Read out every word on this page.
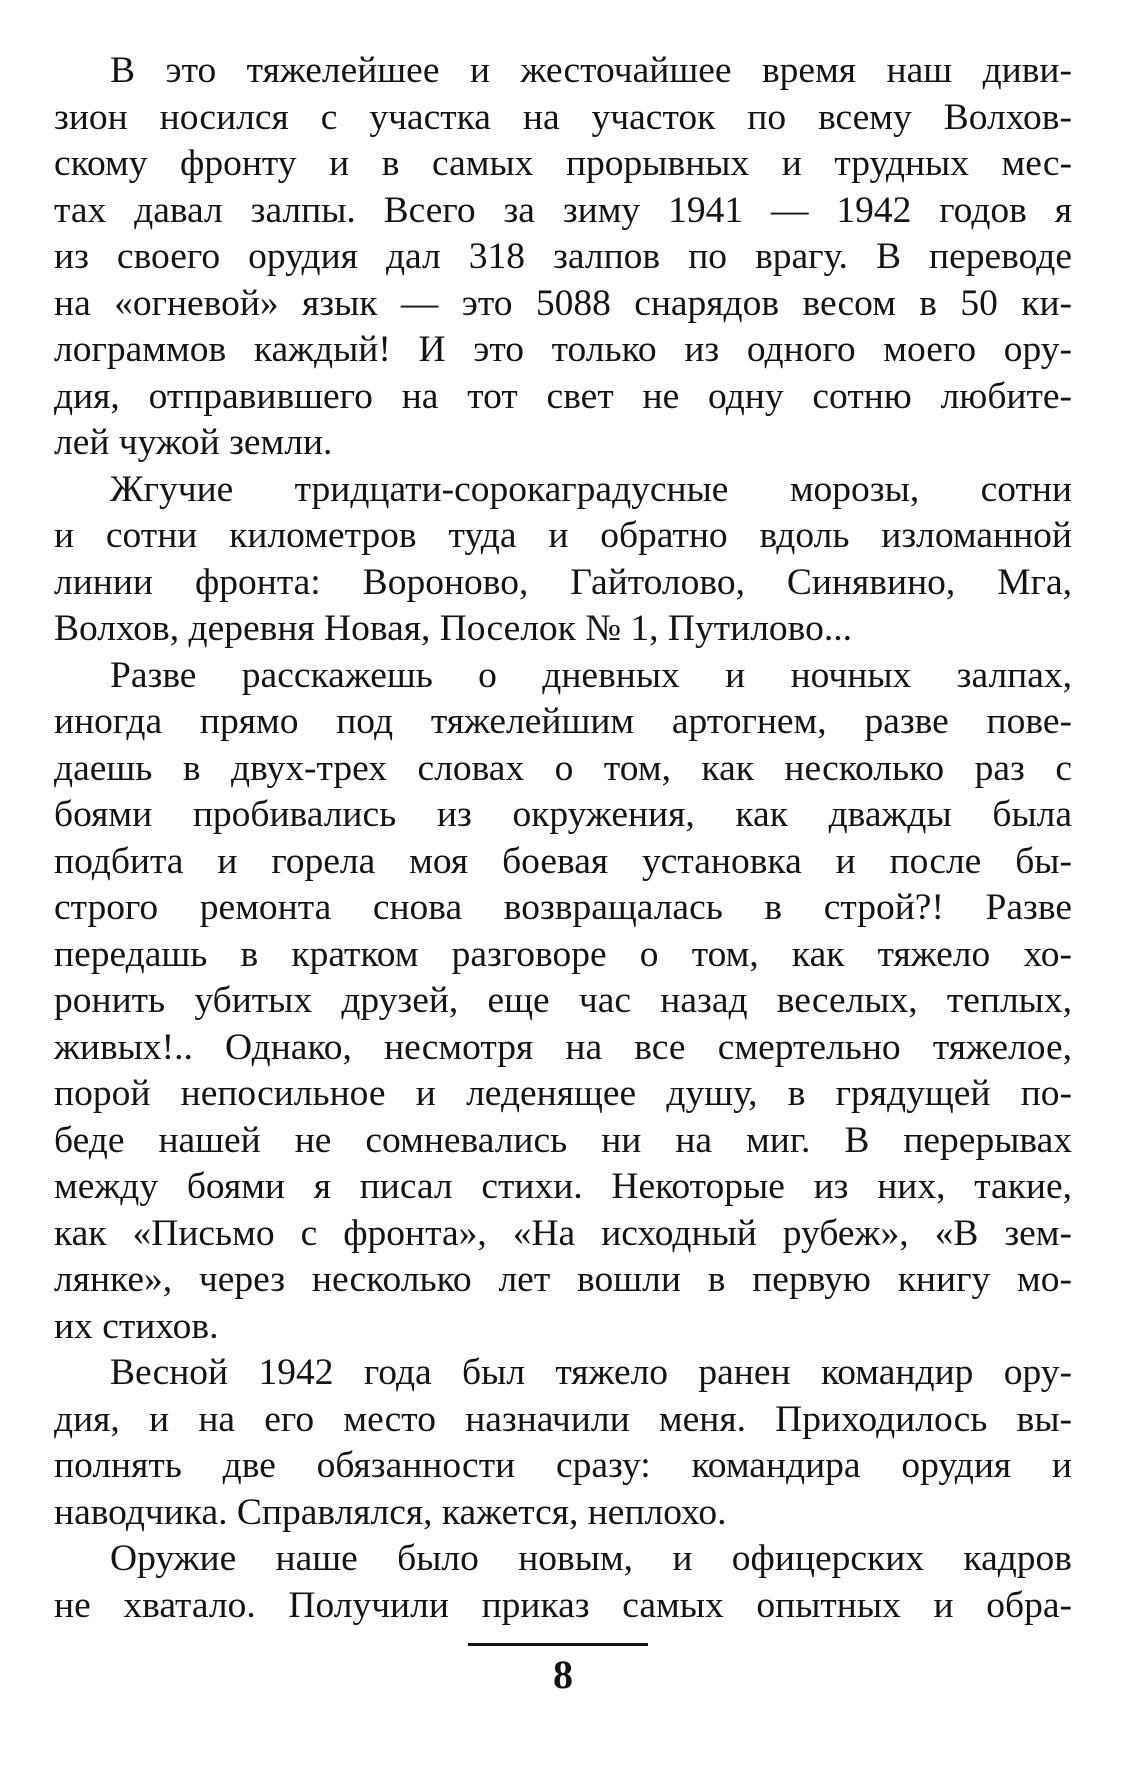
В это тяжелейшее и жесточайшее время наш диви-
зион носился с участка на участок по всему Волхов-
скому фронту и в самых прорывных и трудных мес-
тах давал залпы. Всего за зиму 1941 — 1942 годов я
из своего орудия дал 318 залпов по врагу. В переводе
на «огневой» язык — это 5088 снарядов весом в 50 ки-
лограммов каждый! И это только из одного моего ору-
дия, отправившего на тот свет не одну сотню любите-
лей чужой земли.
Жгучие тридцати-сорокаградусные морозы, сотни
и сотни километров туда и обратно вдоль изломанной
линии фронта: Вороново, Гайтолово, Синявино, Мга,
Волхов, деревня Новая, Поселок № 1, Путилово...
Разве расскажешь о дневных и ночных залпах,
иногда прямо под тяжелейшим артогнем, разве пове-
даешь в двух-трех словах о том, как несколько раз с
боями пробивались из окружения, как дважды была
подбита и горела моя боевая установка и после бы-
строго ремонта снова возвращалась в строй?! Разве
передашь в кратком разговоре о том, как тяжело хо-
ронить убитых друзей, еще час назад веселых, теплых,
живых!.. Однако, несмотря на все смертельно тяжелое,
порой непосильное и леденящее душу, в грядущей по-
беде нашей не сомневались ни на миг. В перерывах
между боями я писал стихи. Некоторые из них, такие,
как «Письмо с фронта», «На исходный рубеж», «В зем-
лянке», через несколько лет вошли в первую книгу мо-
их стихов.
Весной 1942 года был тяжело ранен командир ору-
дия, и на его место назначили меня. Приходилось вы-
полнять две обязанности сразу: командира орудия и
наводчика. Справлялся, кажется, неплохо.
Оружие наше было новым, и офицерских кадров
не хватало. Получили приказ самых опытных и обра-
8
